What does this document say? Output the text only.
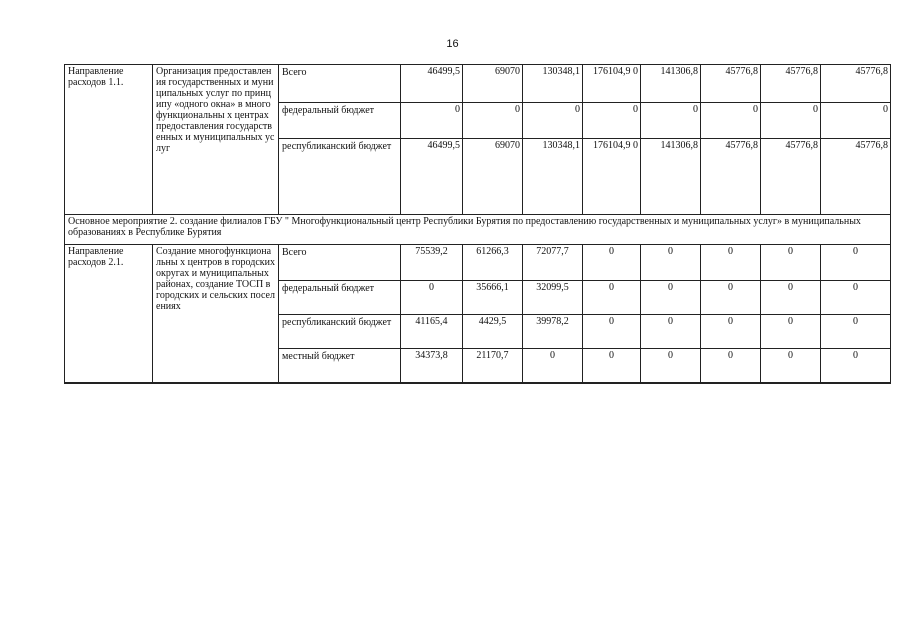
16
Направление расходов 1.1.	Организация предоставления государственных и муниципальных услуг по принципу «одного окна» в многофункциональны х центрах предоставления государственных и муниципальных услуг	Всего	46499,5	69070	130348,1	176104,9 0	141306,8	45776,8	45776,8	45776,8
		федеральный бюджет	0	0	0	0	0	0	0	0
		республиканский бюджет	46499,5	69070	130348,1	176104,9 0	141306,8	45776,8	45776,8	45776,8
Основное мероприятие 2. создание филиалов ГБУ " Многофункциональный центр Республики Бурятия по предоставлению государственных и муниципальных услуг» в муниципальных образованиях в Республике Бурятия										
Направление расходов 2.1.	Создание многофункциональны х центров в городских округах и муниципальных районах, создание ТОСП в городских и сельских поселениях	Всего	75539,2	61266,3	72077,7	0	0	0	0	0
		федеральный бюджет	0	35666,1	32099,5	0	0	0	0	0
		республиканский бюджет	41165,4	4429,5	39978,2	0	0	0	0	0
		местный бюджет	34373,8	21170,7	0	0	0	0	0	0
